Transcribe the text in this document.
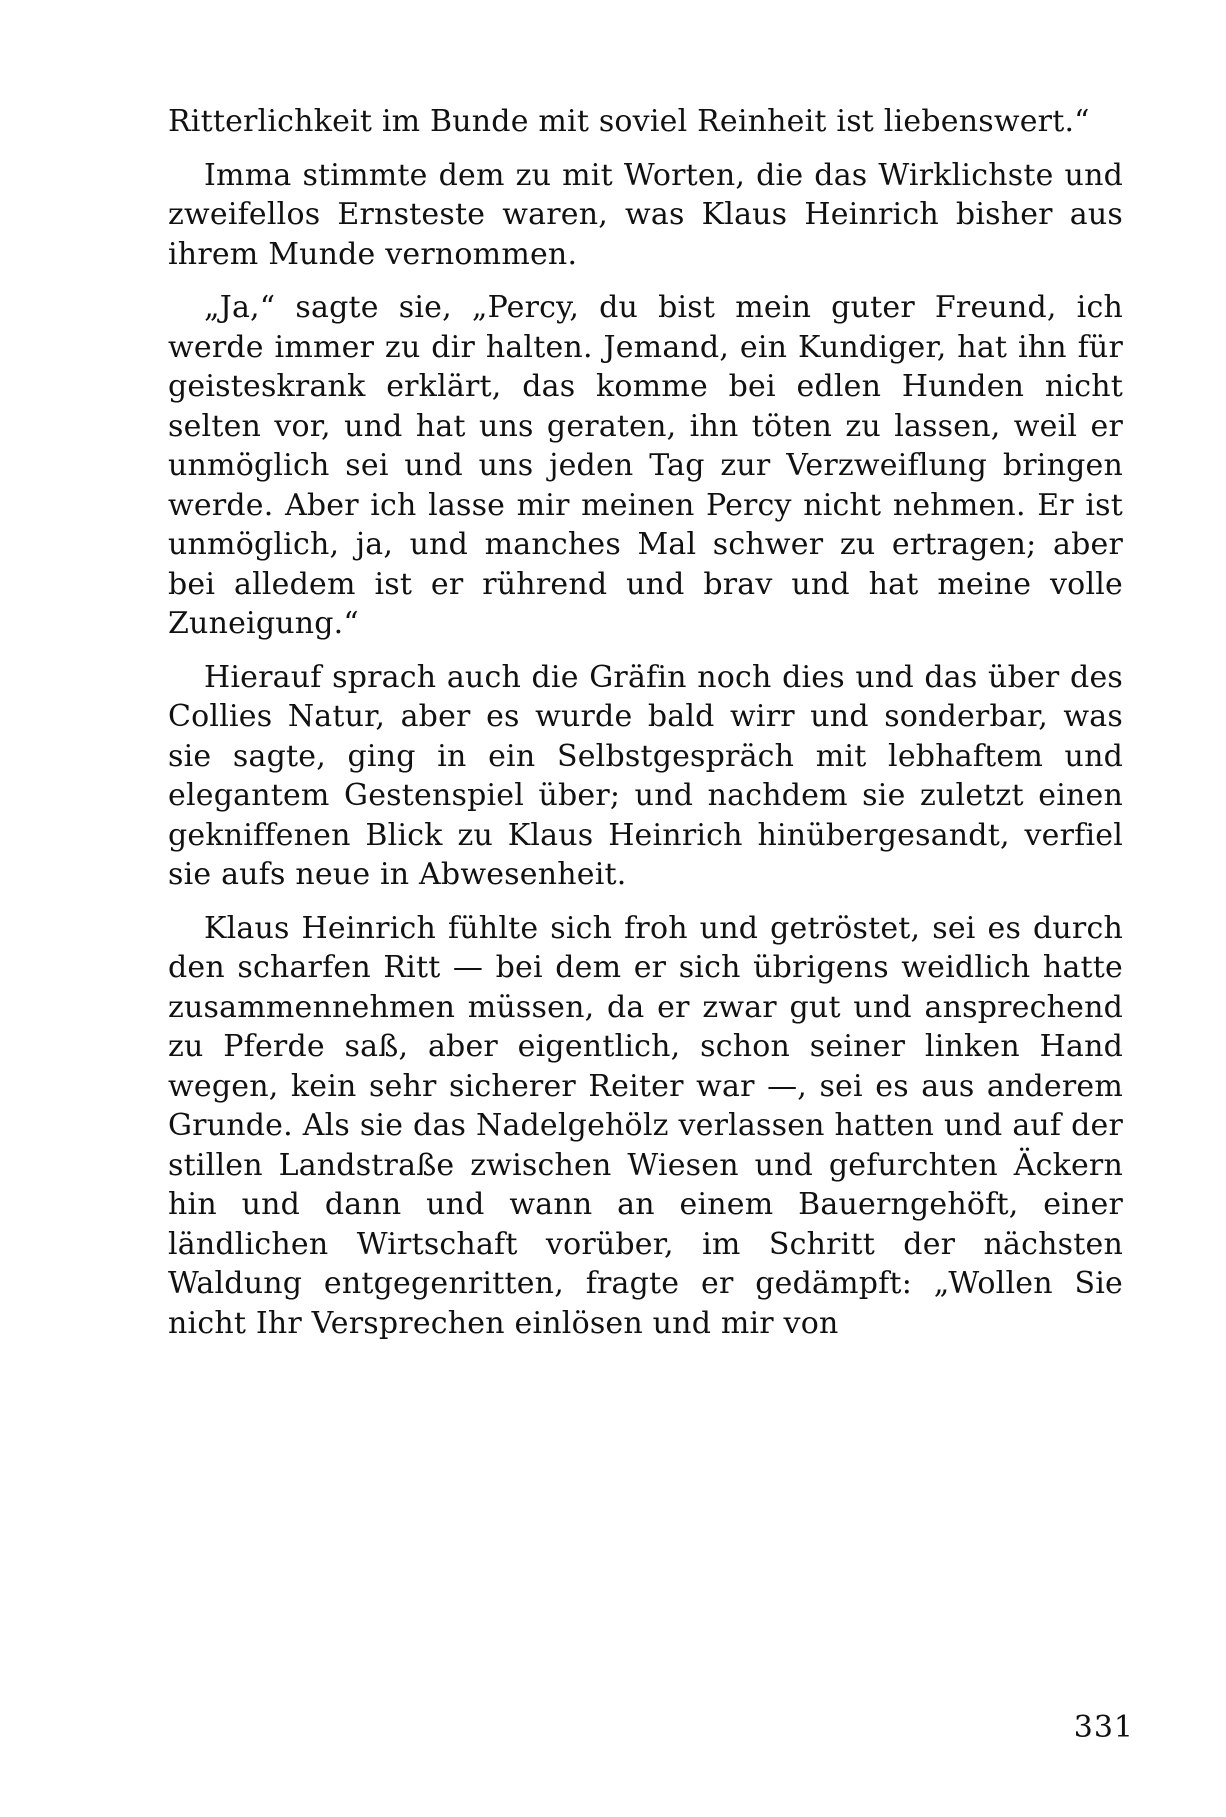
Ritterlichkeit im Bunde mit soviel Reinheit ist liebenswert.“

Imma stimmte dem zu mit Worten, die das Wirklichste und zweifellos Ernsteste waren, was Klaus Heinrich bisher aus ihrem Munde vernommen.

„Ja,“ sagte sie, „Percy, du bist mein guter Freund, ich werde immer zu dir halten. Jemand, ein Kundiger, hat ihn für geisteskrank erklärt, das komme bei edlen Hunden nicht selten vor, und hat uns geraten, ihn töten zu lassen, weil er unmöglich sei und uns jeden Tag zur Verzweiflung bringen werde. Aber ich lasse mir meinen Percy nicht nehmen. Er ist unmöglich, ja, und manches Mal schwer zu ertragen; aber bei alledem ist er rührend und brav und hat meine volle Zuneigung.“

Hierauf sprach auch die Gräfin noch dies und das über des Collies Natur, aber es wurde bald wirr und sonderbar, was sie sagte, ging in ein Selbstgespräch mit lebhaftem und elegantem Gestenspiel über; und nachdem sie zuletzt einen gekniffenen Blick zu Klaus Heinrich hinübergesandt, verfiel sie aufs neue in Abwesenheit.

Klaus Heinrich fühlte sich froh und getröstet, sei es durch den scharfen Ritt — bei dem er sich übrigens weidlich hatte zusammennehmen müssen, da er zwar gut und ansprechend zu Pferde saß, aber eigentlich, schon seiner linken Hand wegen, kein sehr sicherer Reiter war —, sei es aus anderem Grunde. Als sie das Nadelgehölz verlassen hatten und auf der stillen Landstraße zwischen Wiesen und gefurchten Äckern hin und dann und wann an einem Bauerngehöft, einer ländlichen Wirtschaft vorüber, im Schritt der nächsten Waldung entgegenritten, fragte er gedämpft: „Wollen Sie nicht Ihr Versprechen einlösen und mir von

331
